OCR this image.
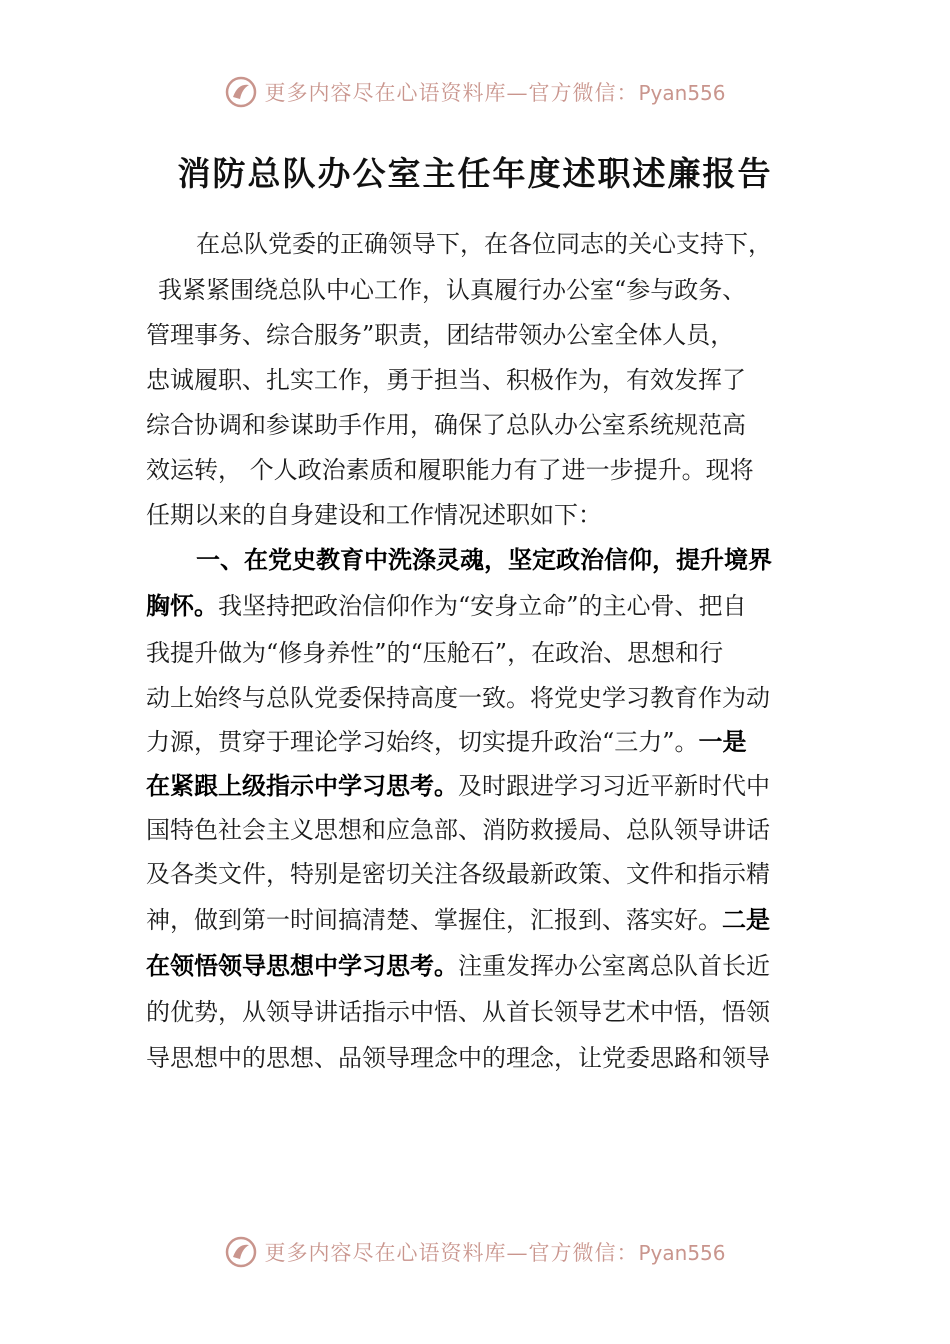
更多内容尽在心语资料库—官方微信：Pyan556
消防总队办公室主任年度述职述廉报告
在总队党委的正确领导下，在各位同志的关心支持下，
我紧紧围绕总队中心工作，认真履行办公室“参与政务、
管理事务、综合服务”职责，团结带领办公室全体人员，
忠诚履职、扎实工作，勇于担当、积极作为，有效发挥了
综合协调和参谋助手作用，确保了总队办公室系统规范高
效运转， 个人政治素质和履职能力有了进一步提升。现将
任期以来的自身建设和工作情况述职如下：
一、在党史教育中洗涤灵魂，坚定政治信仰，提升境界
胸怀。我坚持把政治信仰作为“安身立命”的主心骨、把自
我提升做为“修身养性”的“压舱石”，在政治、思想和行
动上始终与总队党委保持高度一致。将党史学习教育作为动
力源，贯穿于理论学习始终，切实提升政治“三力”。一是
在紧跟上级指示中学习思考。及时跟进学习习近平新时代中
国特色社会主义思想和应急部、消防救援局、总队领导讲话
及各类文件，特别是密切关注各级最新政策、文件和指示精
神，做到第一时间搞清楚、掌握住，汇报到、落实好。二是
在领悟领导思想中学习思考。注重发挥办公室离总队首长近
的优势，从领导讲话指示中悟、从首长领导艺术中悟，悟领
导思想中的思想、品领导理念中的理念，让党委思路和领导
更多内容尽在心语资料库—官方微信：Pyan556
